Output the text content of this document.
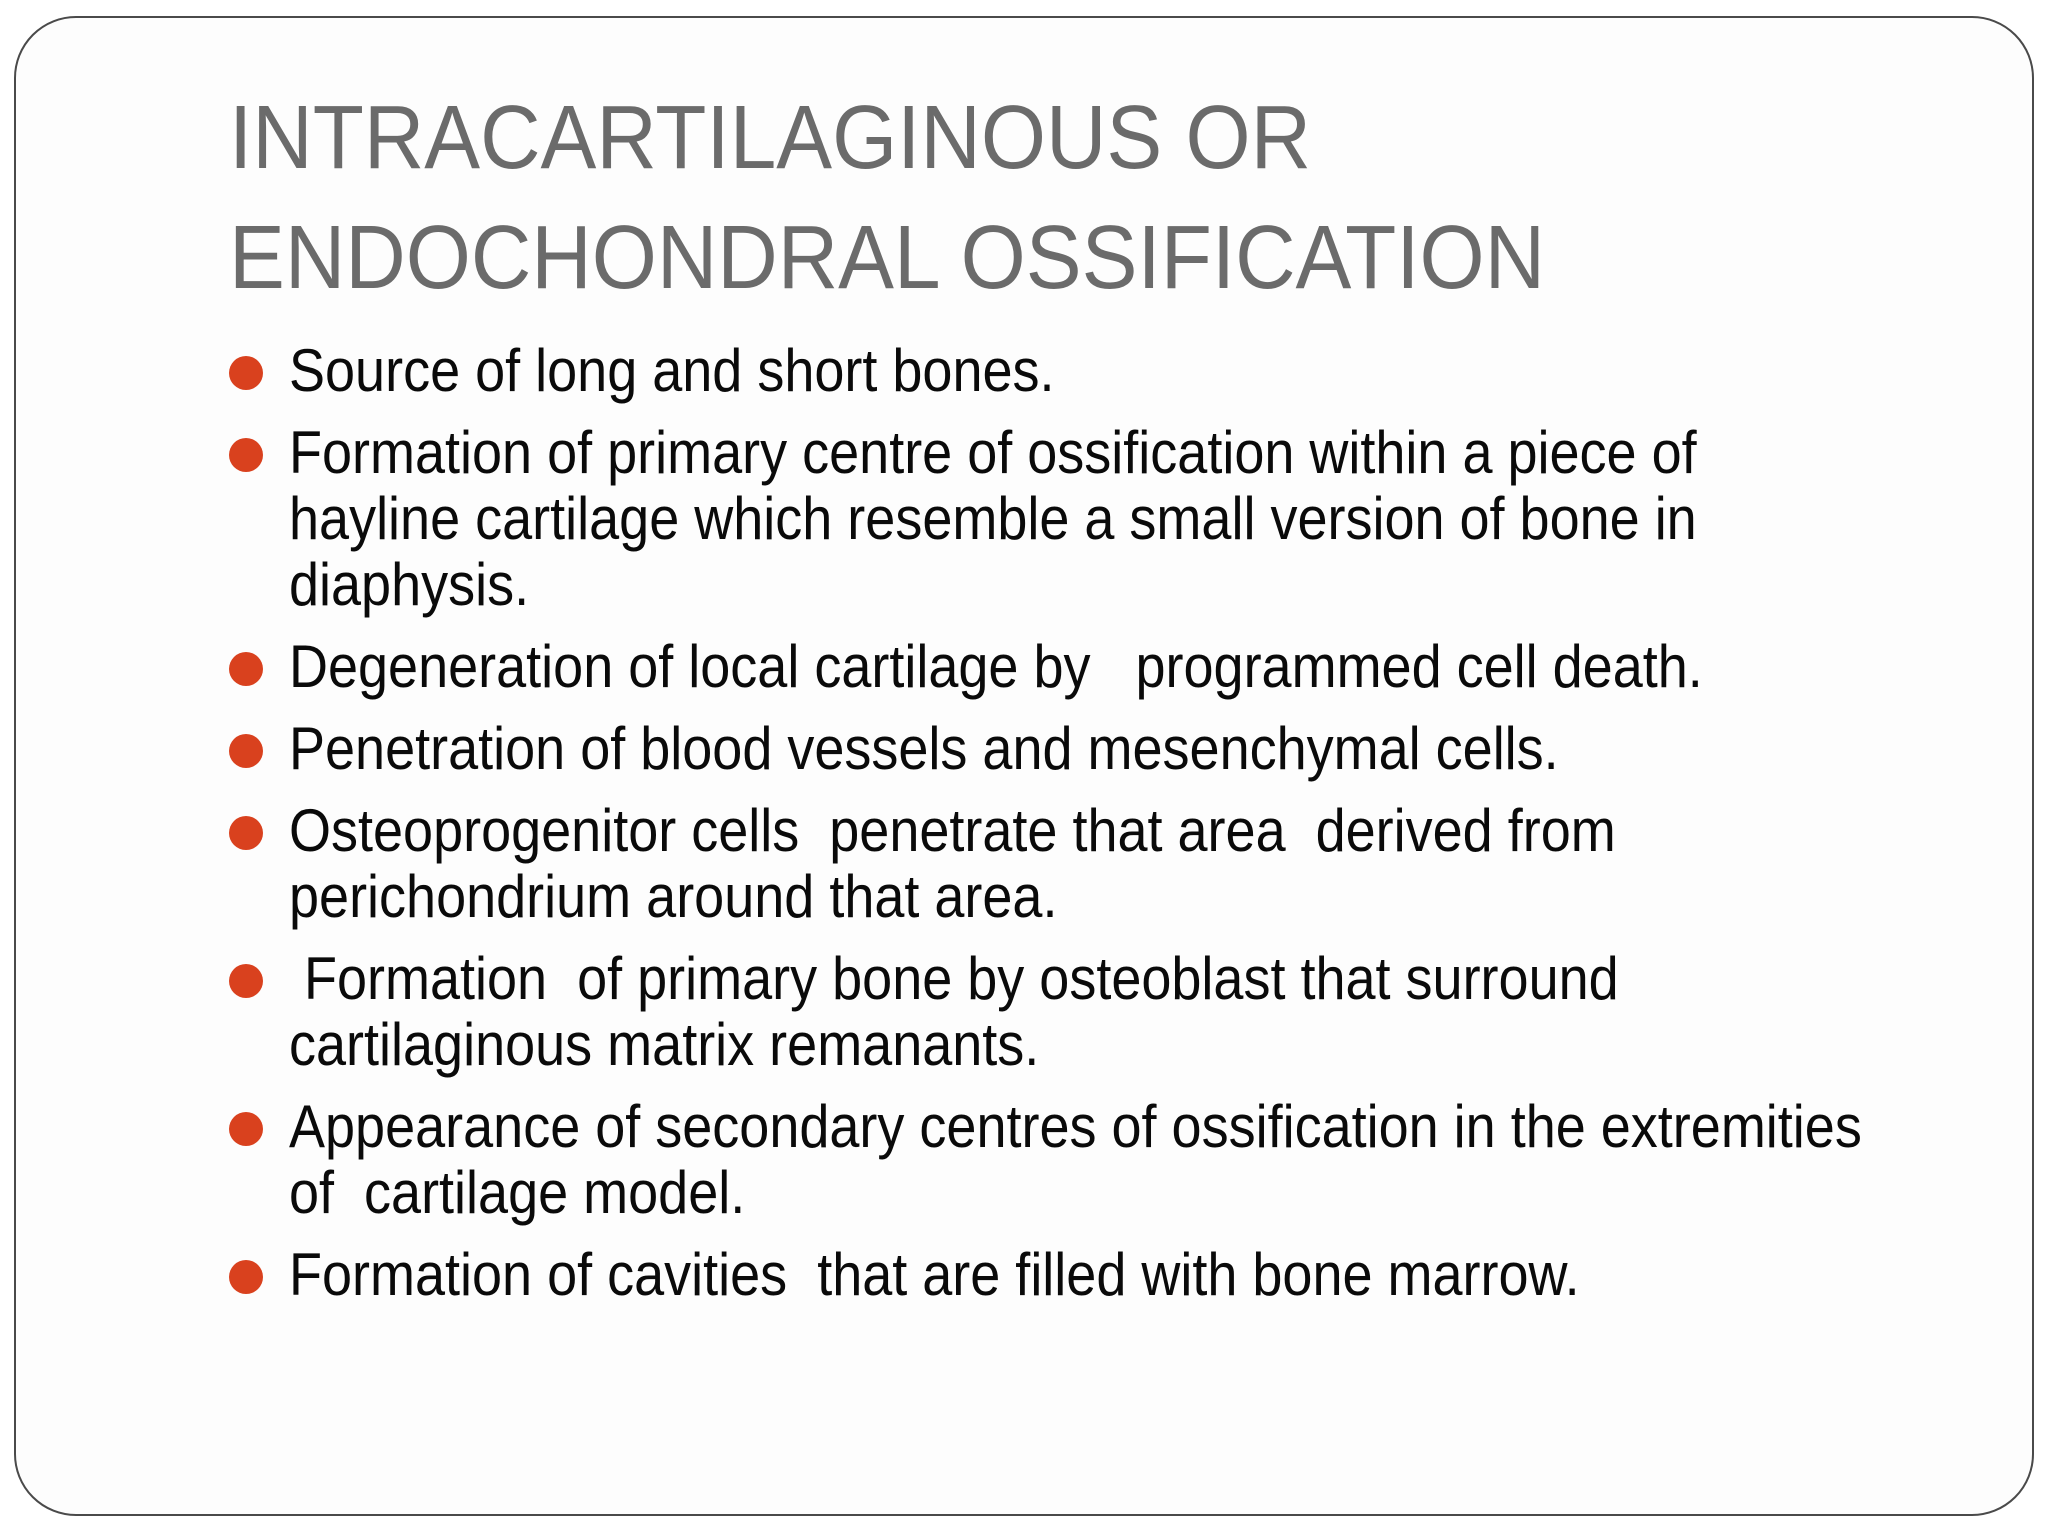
INTRACARTILAGINOUS OR
ENDOCHONDRAL OSSIFICATION
Source of long and short bones.
Formation of primary centre of ossification within a piece of
hayline cartilage which resemble a small version of bone in
diaphysis.
Degeneration of local cartilage by   programmed cell death.
Penetration of blood vessels and mesenchymal cells.
Osteoprogenitor cells  penetrate that area  derived from
perichondrium around that area.
Formation  of primary bone by osteoblast that surround
cartilaginous matrix remanants.
Appearance of secondary centres of ossification in the extremities
of  cartilage model.
Formation of cavities  that are filled with bone marrow.
